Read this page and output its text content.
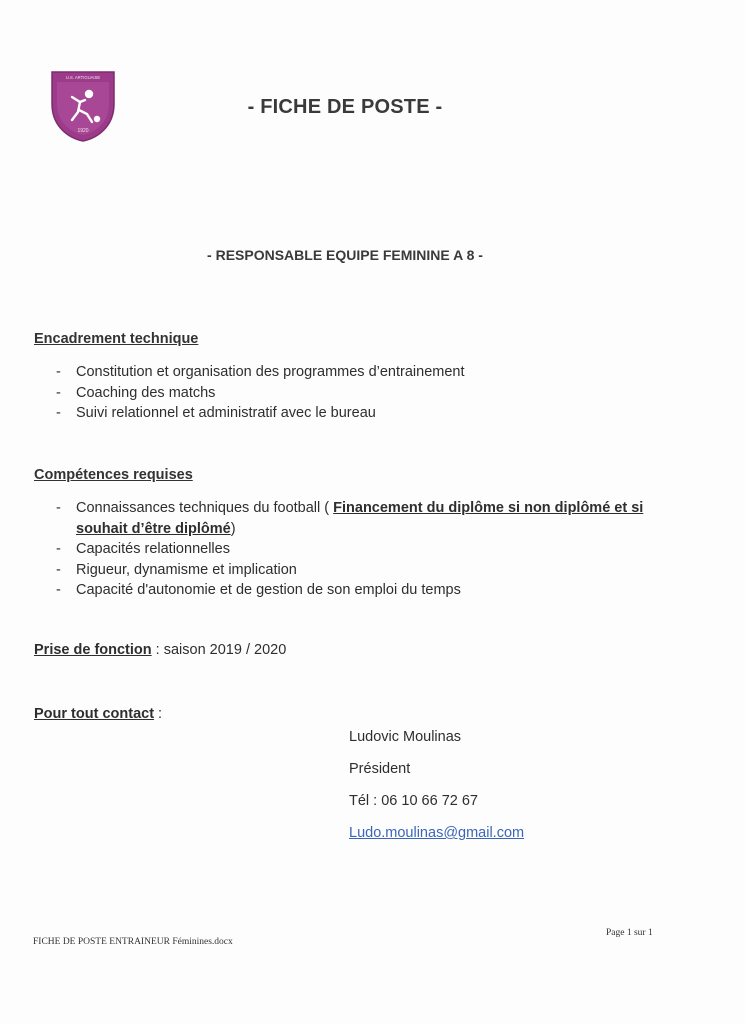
U.S. ARTIGUAISE
1920
- FICHE DE POSTE -
- RESPONSABLE EQUIPE FEMININE A 8 -
Encadrement technique
- Constitution et organisation des programmes d’entrainement
- Coaching des matchs
- Suivi relationnel et administratif avec le bureau
Compétences requises
- Connaissances techniques du football ( Financement du diplôme si non diplômé et si souhait d’être diplômé)
- Capacités relationnelles
- Rigueur, dynamisme et implication
- Capacité d'autonomie et de gestion de son emploi du temps
Prise de fonction : saison 2019 / 2020
Pour tout contact :
Ludovic Moulinas
Président
Tél : 06 10 66 72 67
Ludo.moulinas@gmail.com
Page 1 sur 1
FICHE DE POSTE ENTRAINEUR Féminines.docx
